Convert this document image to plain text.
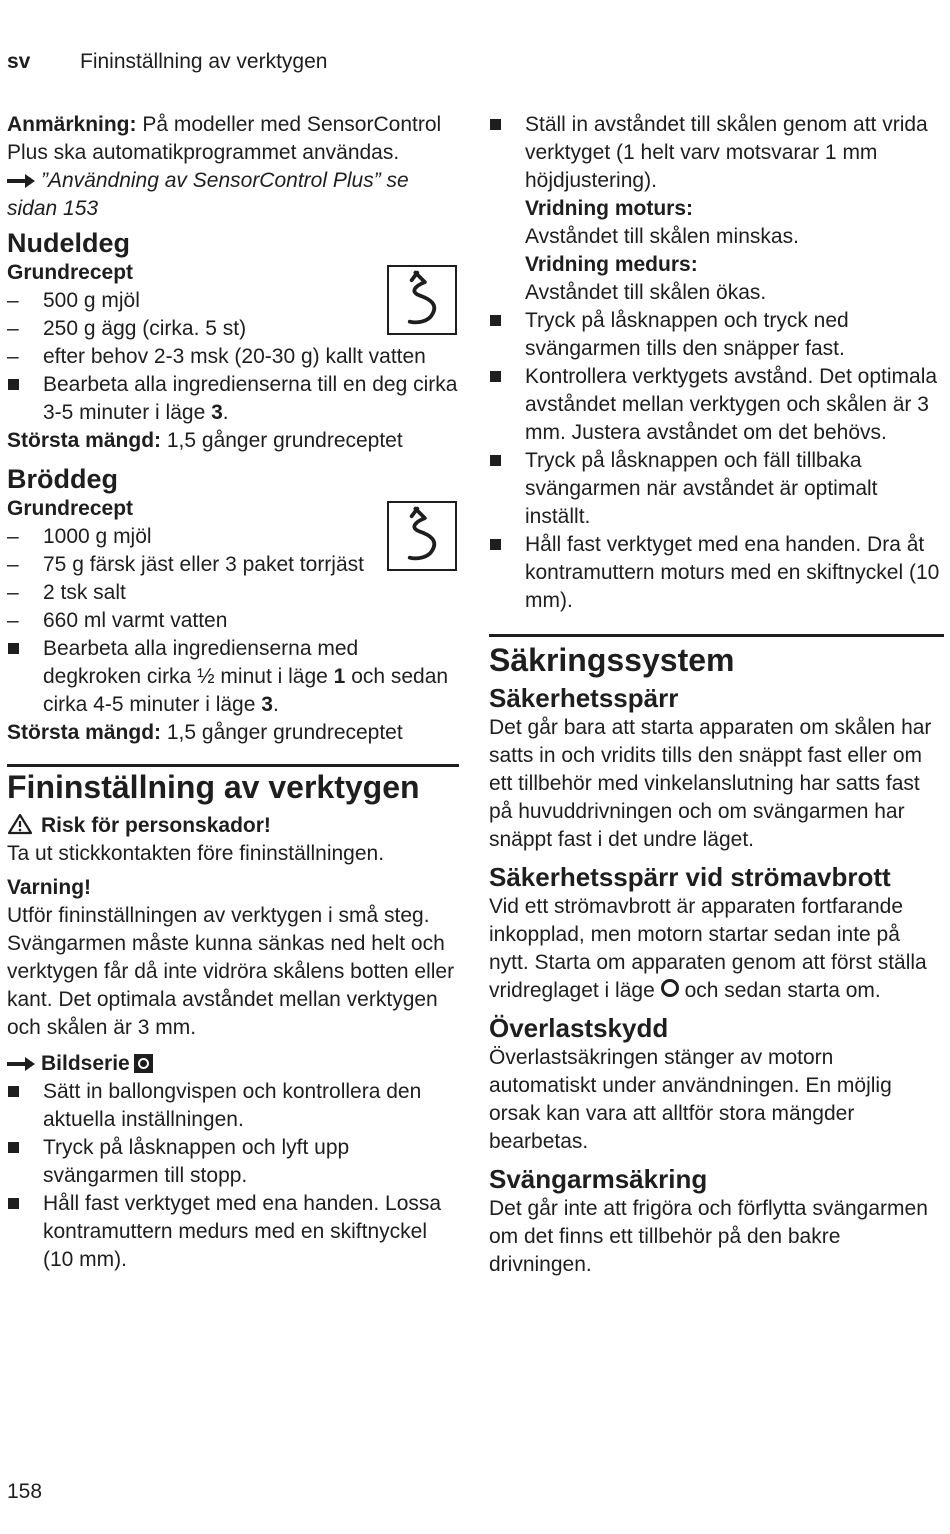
sv Fininställning av verktygen

Anmärkning: På modeller med SensorControl Plus ska automatikprogrammet användas.

”Användning av SensorControl Plus” se sidan 153

Nudeldeg

Grundrecept

–	500 g mjöl
–	250 g ägg (cirka. 5 st)
–	efter behov 2-3 msk (20-30 g) kallt vatten
Bearbeta alla ingredienserna till en deg cirka 3-5 minuter i läge 3.

Största mängd: 1,5 gånger grundreceptet

Bröddeg

Grundrecept

–	1000 g mjöl
–	75 g färsk jäst eller 3 paket torrjäst
–	2 tsk salt
–	660 ml varmt vatten
Bearbeta alla ingredienserna med degkroken cirka ½ minut i läge 1 och sedan cirka 4-5 minuter i läge 3.

Största mängd: 1,5 gånger grundreceptet

Fininställning av verktygen

Risk för personskador!

Ta ut stickkontakten före fininställningen.

Varning!

Utför fininställningen av verktygen i små steg. Svängarmen måste kunna sänkas ned helt och verktygen får då inte vidröra skålens botten eller kant. Det optimala avståndet mellan verktygen och skålen är 3 mm.

Bildserie

Sätt in ballongvispen och kontrollera den aktuella inställningen.
Tryck på låsknappen och lyft upp svängarmen till stopp.
Håll fast verktyget med ena handen. Lossa kontramuttern medurs med en skiftnyckel (10 mm).
Ställ in avståndet till skålen genom att vrida verktyget (1 helt varv motsvarar 1 mm höjdjustering).
Vridning moturs:
Avståndet till skålen minskas.
Vridning medurs:
Avståndet till skålen ökas.
Tryck på låsknappen och tryck ned svängarmen tills den snäpper fast.
Kontrollera verktygets avstånd. Det optimala avståndet mellan verktygen och skålen är 3 mm. Justera avståndet om det behövs.
Tryck på låsknappen och fäll tillbaka svängarmen när avståndet är optimalt inställt.
Håll fast verktyget med ena handen. Dra åt kontramuttern moturs med en skiftnyckel (10 mm).
Säkringssystem
Säkerhetsspärr

Det går bara att starta apparaten om skålen har satts in och vridits tills den snäppt fast eller om ett tillbehör med vinkelanslutning har satts fast på huvuddrivningen och om svängarmen har snäppt fast i det undre läget.

Säkerhetsspärr vid strömavbrott

Vid ett strömavbrott är apparaten fortfarande inkopplad, men motorn startar sedan inte på nytt. Starta om apparaten genom att först ställa vridreglaget i läge och sedan starta om.

Överlastskydd

Överlastsäkringen stänger av motorn automatiskt under användningen. En möjlig orsak kan vara att alltför stora mängder bearbetas.

Svängarmsäkring

Det går inte att frigöra och förflytta svängarmen om det finns ett tillbehör på den bakre drivningen.

158
